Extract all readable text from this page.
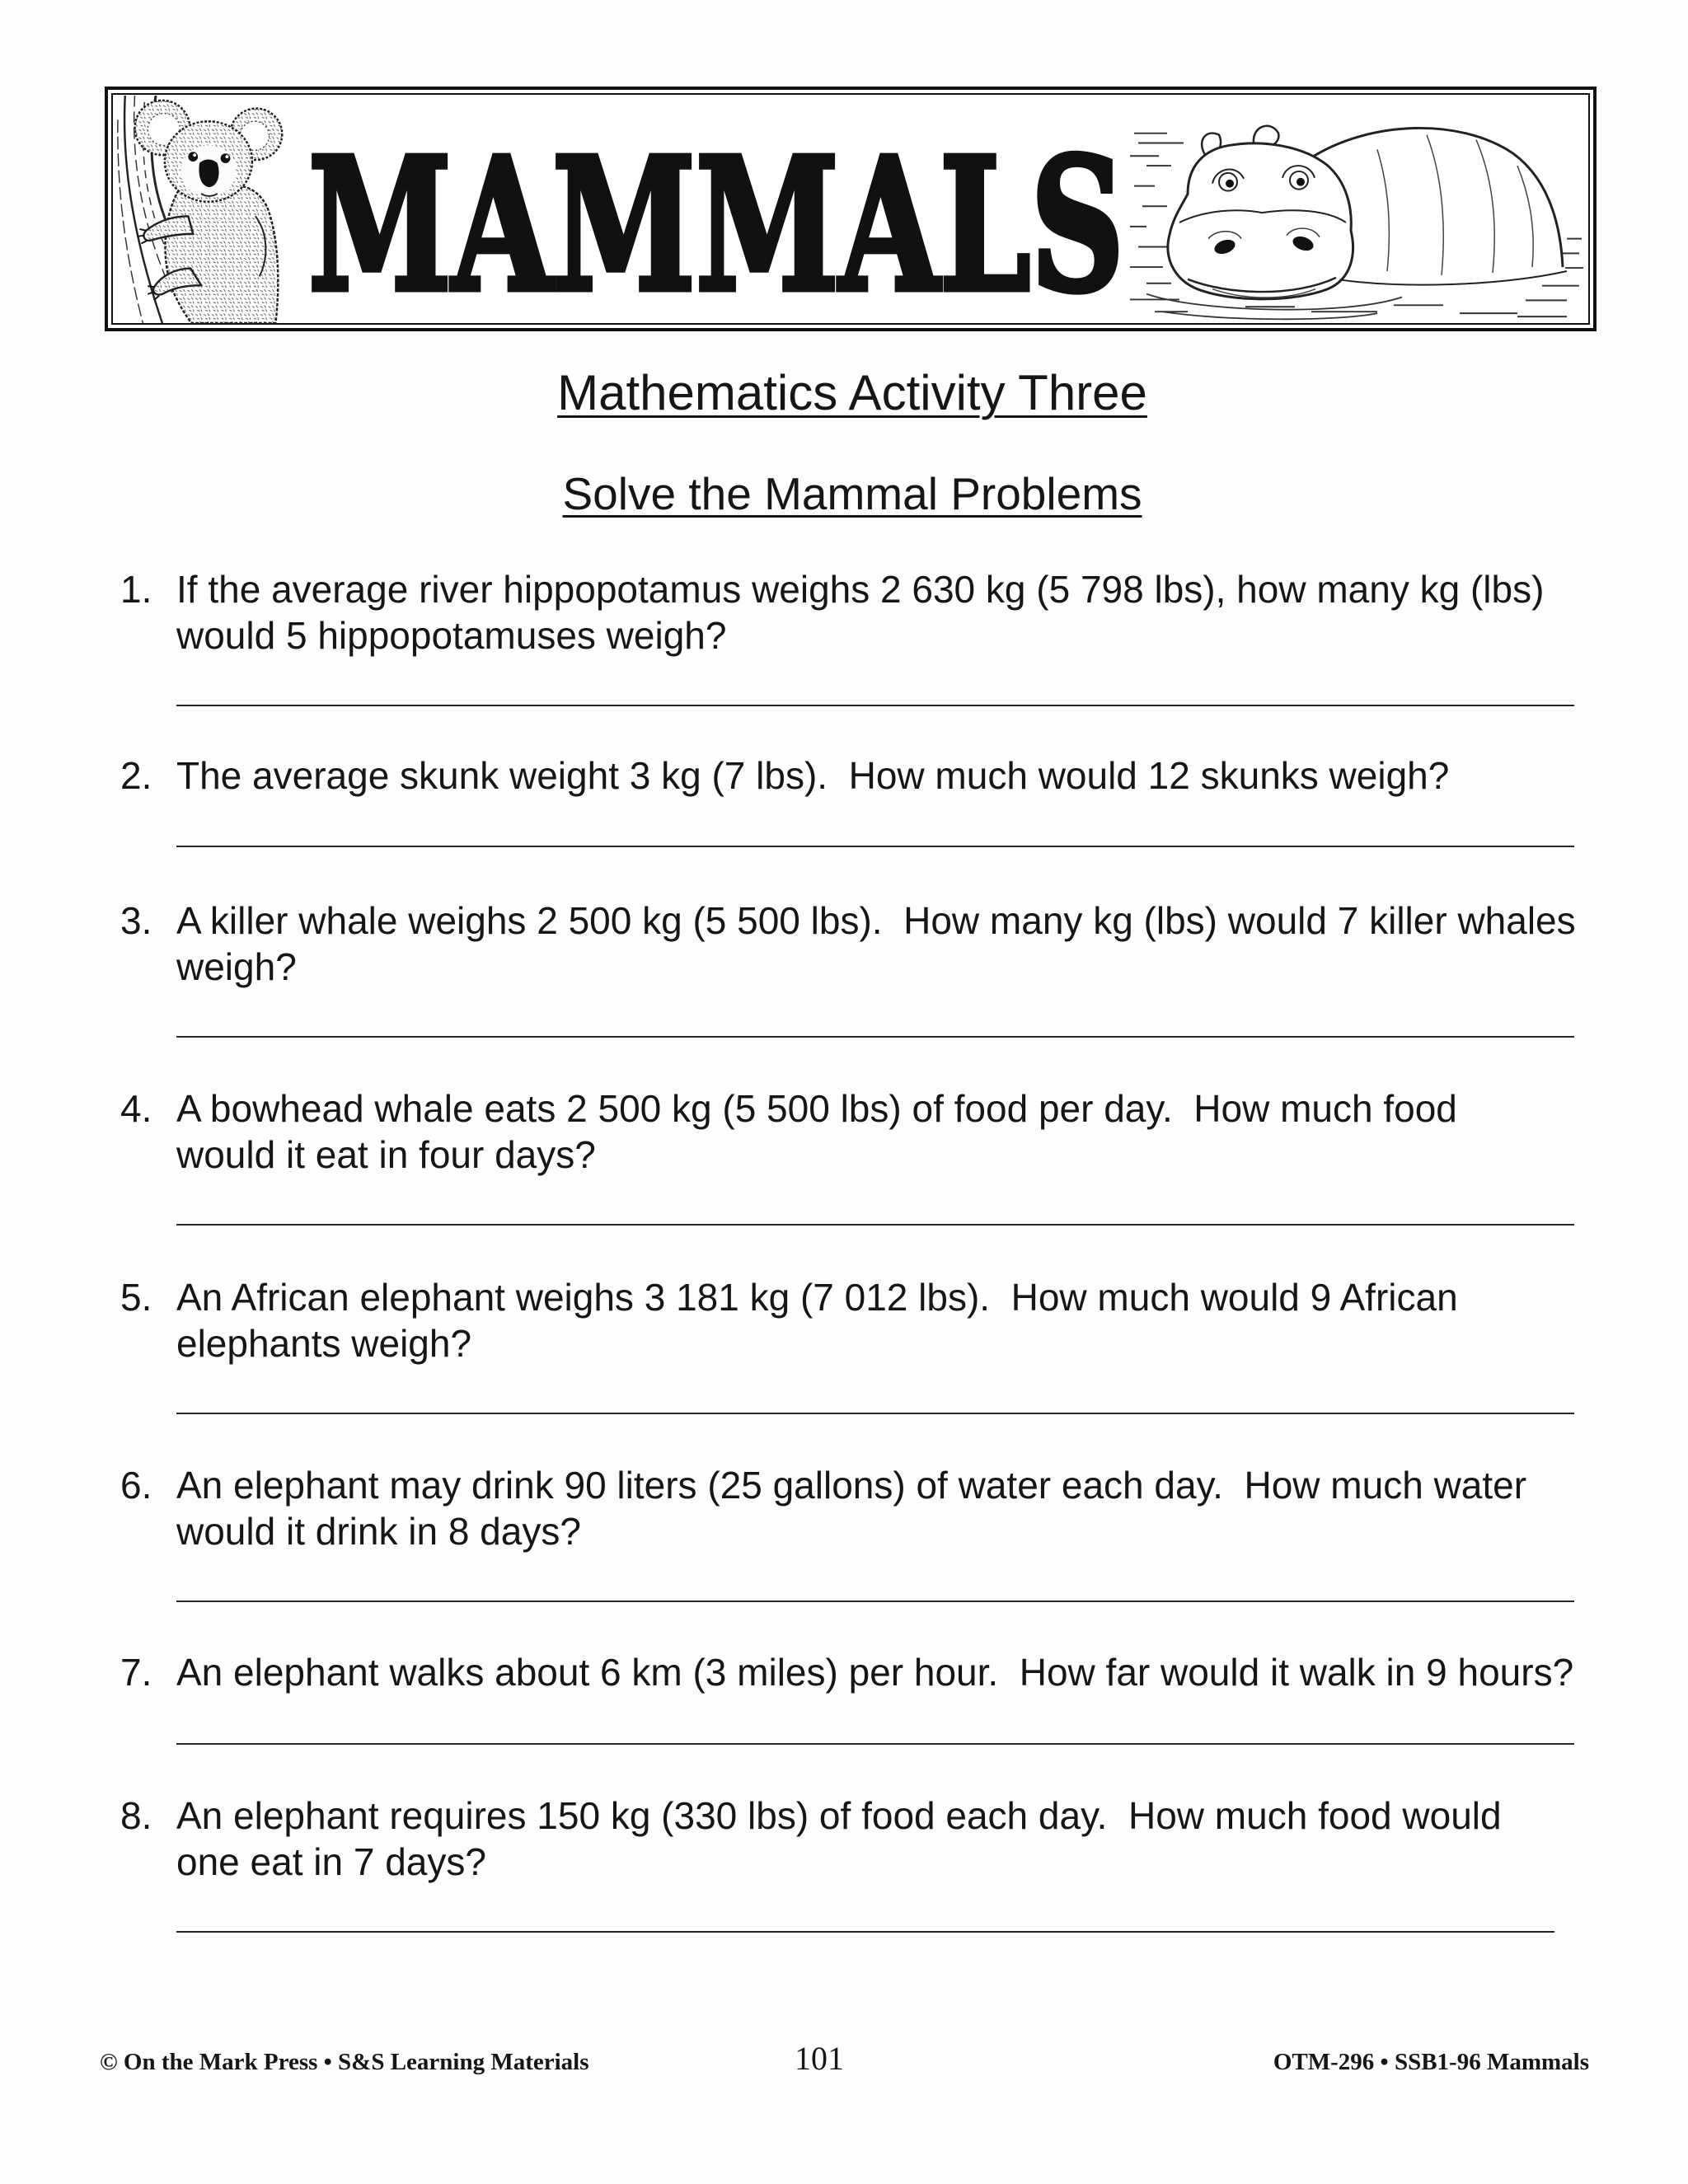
MAMMALS
Mathematics Activity Three
Solve the Mammal Problems
1. If the average river hippopotamus weighs 2 630 kg (5 798 lbs), how many kg (lbs)
would 5 hippopotamuses weigh?
2. The average skunk weight 3 kg (7 lbs).  How much would 12 skunks weigh?
3. A killer whale weighs 2 500 kg (5 500 lbs).  How many kg (lbs) would 7 killer whales
weigh?
4. A bowhead whale eats 2 500 kg (5 500 lbs) of food per day.  How much food
would it eat in four days?
5. An African elephant weighs 3 181 kg (7 012 lbs).  How much would 9 African
elephants weigh?
6. An elephant may drink 90 liters (25 gallons) of water each day.  How much water
would it drink in 8 days?
7. An elephant walks about 6 km (3 miles) per hour.  How far would it walk in 9 hours?
8. An elephant requires 150 kg (330 lbs) of food each day.  How much food would
one eat in 7 days?
© On the Mark Press • S&S Learning Materials	101	OTM-296 • SSB1-96 Mammals
